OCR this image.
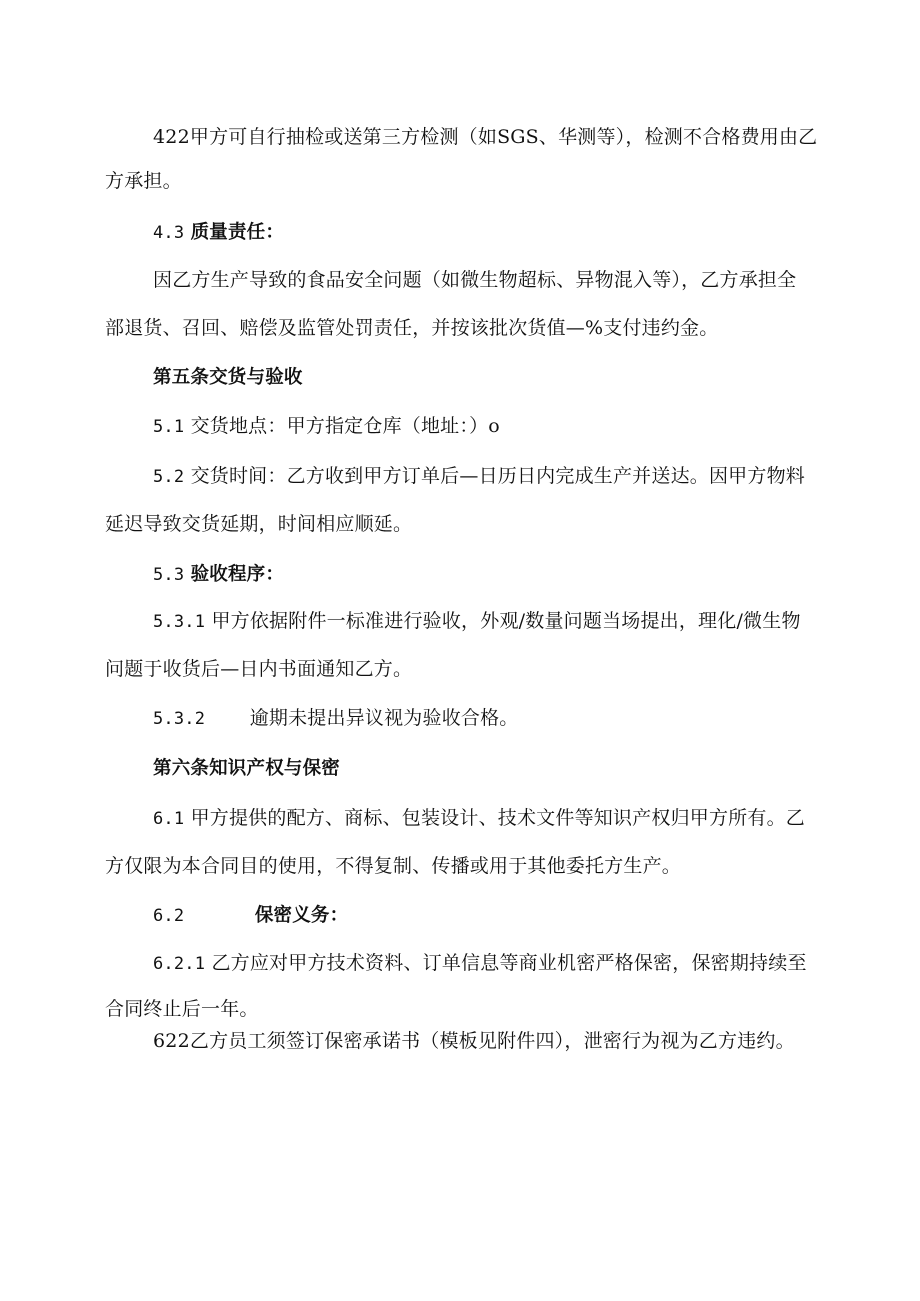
422甲方可自行抽检或送第三方检测（如SGS、华测等），检测不合格费用由乙
方承担。
4.3 质量责任：
因乙方生产导致的食品安全问题（如微生物超标、异物混入等），乙方承担全
部退货、召回、赔偿及监管处罚责任，并按该批次货值—%支付违约金。
第五条交货与验收
5.1 交货地点：甲方指定仓库（地址：）o
5.2 交货时间：乙方收到甲方订单后—日历日内完成生产并送达。因甲方物料
延迟导致交货延期，时间相应顺延。
5.3 验收程序：
5.3.1 甲方依据附件一标准进行验收，外观/数量问题当场提出，理化/微生物
问题于收货后—日内书面通知乙方。
5.3.2 逾期未提出异议视为验收合格。
第六条知识产权与保密
6.1 甲方提供的配方、商标、包装设计、技术文件等知识产权归甲方所有。乙
方仅限为本合同目的使用，不得复制、传播或用于其他委托方生产。
6.2	保密义务：
6.2.1 乙方应对甲方技术资料、订单信息等商业机密严格保密，保密期持续至
合同终止后一年。
622乙方员工须签订保密承诺书（模板见附件四），泄密行为视为乙方违约。
